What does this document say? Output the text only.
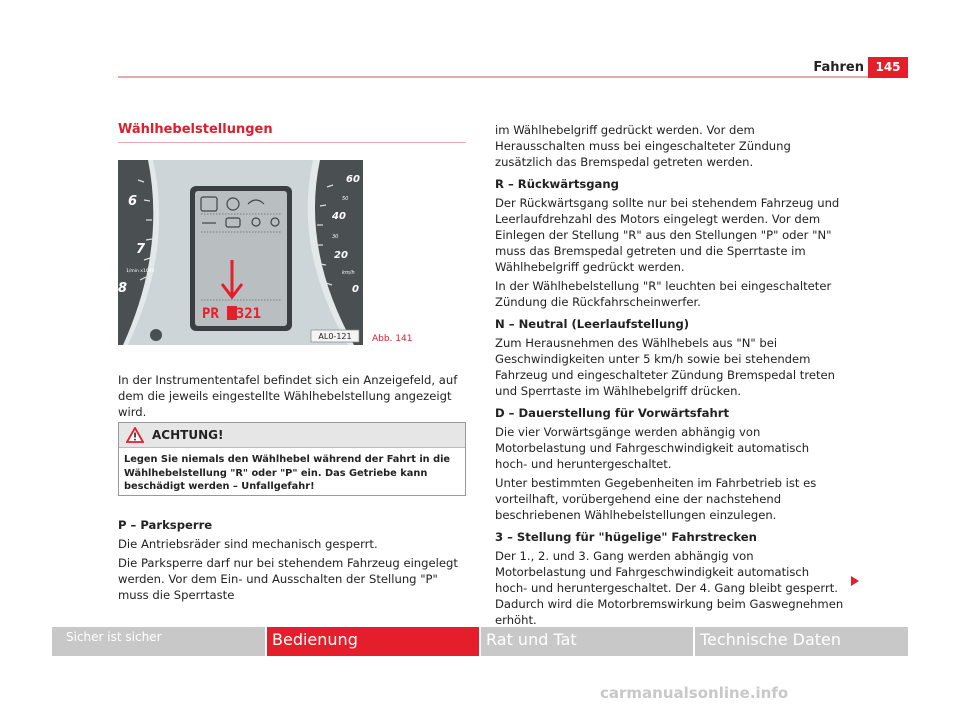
Fahren 145
Wählhebelstellungen
6
7
8
1/min x1000
60
40
20
0
50
30
km/h
PRND321
AL0-121 Abb. 141

In der Instrumententafel befindet sich ein Anzeigefeld, auf dem die jeweils eingestellte Wählhebelstellung angezeigt wird.

ACHTUNG!
Legen Sie niemals den Wählhebel während der Fahrt in die Wählhebelstellung "R" oder "P" ein. Das Getriebe kann beschädigt werden – Unfallgefahr!
P – Parksperre

Die Antriebsräder sind mechanisch gesperrt.

Die Parksperre darf nur bei stehendem Fahrzeug eingelegt werden. Vor dem Ein- und Ausschalten der Stellung "P" muss die Sperrtaste

im Wählhebelgriff gedrückt werden. Vor dem Herausschalten muss bei eingeschalteter Zündung zusätzlich das Bremspedal getreten werden.

R – Rückwärtsgang

Der Rückwärtsgang sollte nur bei stehendem Fahrzeug und Leerlaufdrehzahl des Motors eingelegt werden. Vor dem Einlegen der Stellung "R" aus den Stellungen "P" oder "N" muss das Bremspedal getreten und die Sperrtaste im Wählhebelgriff gedrückt werden.

In der Wählhebelstellung "R" leuchten bei eingeschalteter Zündung die Rückfahrscheinwerfer.

N – Neutral (Leerlaufstellung)

Zum Herausnehmen des Wählhebels aus "N" bei Geschwindigkeiten unter 5 km/h sowie bei stehendem Fahrzeug und eingeschalteter Zündung Bremspedal treten und Sperrtaste im Wählhebelgriff drücken.

D – Dauerstellung für Vorwärtsfahrt

Die vier Vorwärtsgänge werden abhängig von Motorbelastung und Fahrgeschwindigkeit automatisch hoch- und heruntergeschaltet.

Unter bestimmten Gegebenheiten im Fahrbetrieb ist es vorteilhaft, vorübergehend eine der nachstehend beschriebenen Wählhebelstellungen einzulegen.

3 – Stellung für "hügelige" Fahrstrecken

Der 1., 2. und 3. Gang werden abhängig von Motorbelastung und Fahrgeschwindigkeit automatisch hoch- und heruntergeschaltet. Der 4. Gang bleibt gesperrt. Dadurch wird die Motorbremswirkung beim Gaswegnehmen erhöht.

Sicher ist sicher	Bedienung	Rat und Tat	Technische Daten
carmanualsonline.info
